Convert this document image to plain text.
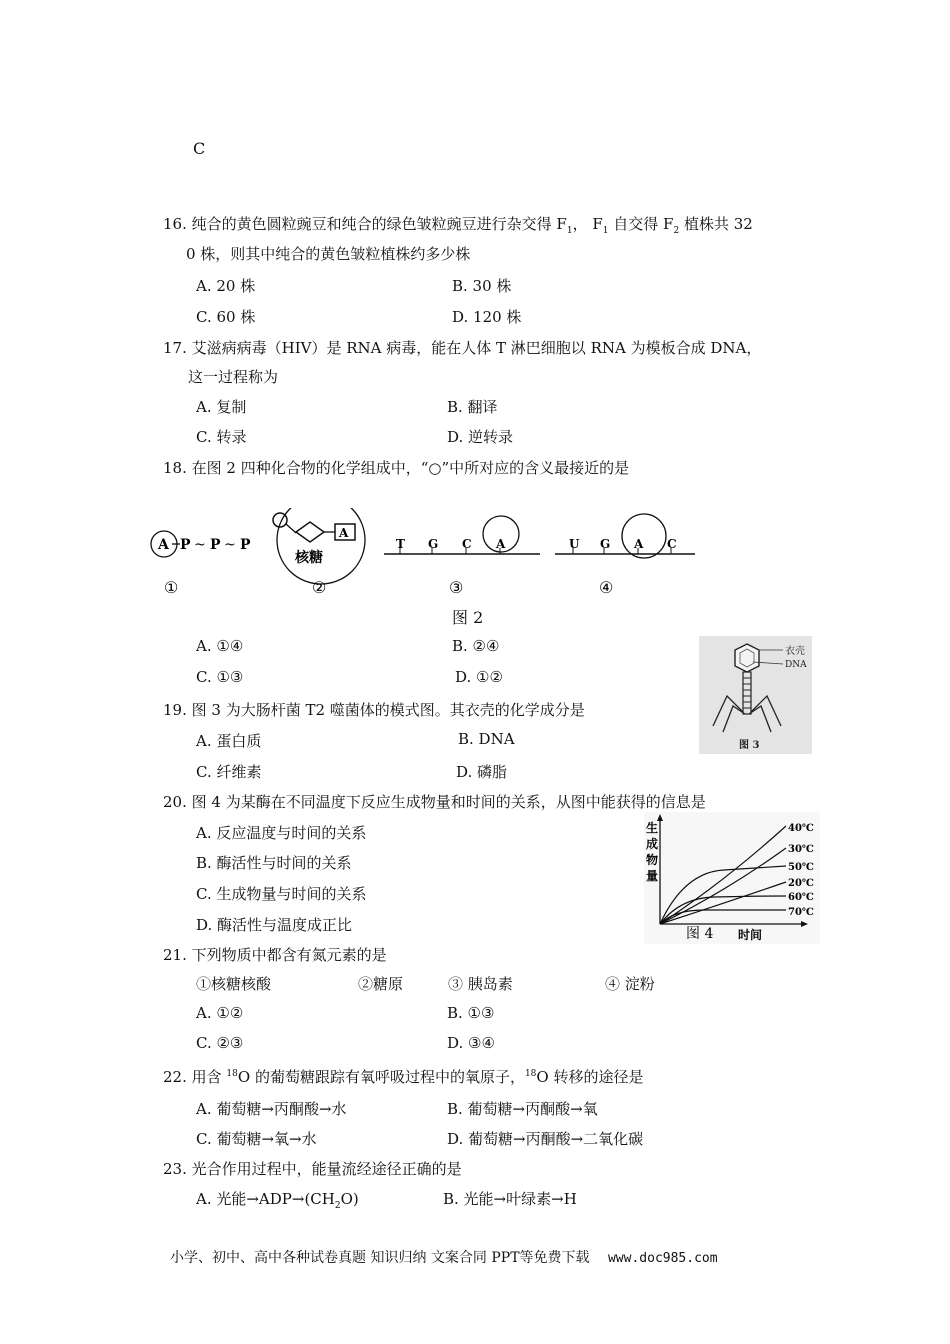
C
16. 纯合的黄色圆粒豌豆和纯合的绿色皱粒豌豆进行杂交得 $F_1$， $F_1$ 自交得 $F_2$ 植株共 32
0 株，则其中纯合的黄色皱粒植株约多少株
A. 20 株	B. 30 株
C. 60 株	D. 120 株
17. 艾滋病病毒（HIV）是 RNA 病毒，能在人体 T 淋巴细胞以 RNA 为模板合成 DNA，
这一过程称为
A. 复制	B. 翻译
C. 转录	D. 逆转录
18. 在图 2 四种化合物的化学组成中，“○”中所对应的含义最接近的是
A P ~ P ~ P
A
核糖
T G C A	U G A C
①	②	③	④
图 2
A. ①④	B. ②④
C. ①③	D. ①②
衣壳
DNA
图 3
19. 图 3 为大肠杆菌 T2 噬菌体的模式图。其衣壳的化学成分是
A. 蛋白质	B. DNA
C. 纤维素	D. 磷脂
20. 图 4 为某酶在不同温度下反应生成物量和时间的关系，从图中能获得的信息是
A. 反应温度与时间的关系
B. 酶活性与时间的关系
C. 生成物量与时间的关系
D. 酶活性与温度成正比
生
成
物
量
40℃
30℃
50℃
20℃
60℃
70℃
图 4 时间
21. 下列物质中都含有氮元素的是
①核糖核酸	②糖原	③ 胰岛素	④ 淀粉
A. ①②	B. ①③
C. ②③	D. ③④
22. 用含 $^{18}$O 的葡萄糖跟踪有氧呼吸过程中的氧原子，$^{18}$O 转移的途径是
A. 葡萄糖→丙酮酸→水	B. 葡萄糖→丙酮酸→氧
C. 葡萄糖→氧→水	D. 葡萄糖→丙酮酸→二氧化碳
23. 光合作用过程中，能量流经途径正确的是
A. 光能$\to ADP\to(CH_2O)$	B. 光能→叶绿素→H
小学、初中、高中各种试卷真题 知识归纳 文案合同 PPT等免费下载 www.doc985.com
